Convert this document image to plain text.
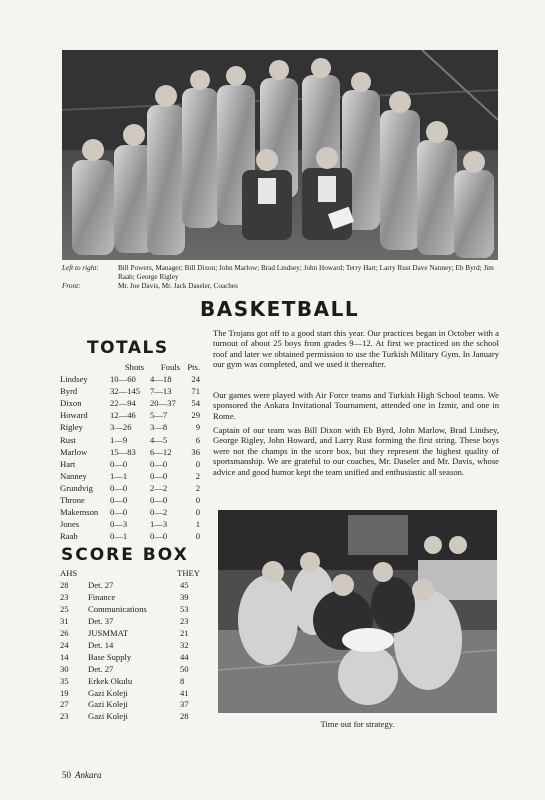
Left to right:	Bill Powers, Manager; Bill Dixon; John Marlow; Brad Lindsey; John Howard; Terry Hart; Larry Rust Dave Nanney; Eb Byrd; Jim Raab; George Rigley
Front:	Mr. Joe Davis, Mr. Jack Daseler, Coaches
BASKETBALL
TOTALS
Shots	Fouls Pts.
Lindsey	10—60	4—18	24
Byrd	32—145	7—13	71
Dixon	22—94	20—37	54
Howard	12—46	5—7	29
Rigley	3—26	3—8	9
Rust	1—9	4—5	6
Marlow	15—83	6—12	36
Hart	0—0	0—0	0
Nanney	1—1	0—0	2
Grundvig	0—0	2—2	2
Throne	0—0	0—0	0
Makemson	0—0	0—2	0
Jones	0—3	1—3	1
Raab	0—1	0—0	0
SCORE BOX
AHS	THEY
28	Det. 27	45
23	Finance	39
25	Communications	53
31	Det. 37	23
26	JUSMMAT	21
24	Det. 14	32
14	Base Supply	44
30	Det. 27	50
35	Erkek Okulu	8
19	Gazi Koleji	41
27	Gazi Koleji	37
23	Gazi Koleji	28

The Trojans got off to a good start this year. Our practices began in October with a turnout of about 25 boys from grades 9—12. At first we practiced on the school roof and later we obtained permission to use the Turkish Military Gym. In January our gym was completed, and we used it thereafter.

Our games were played with Air Force teams and Turkish High School teams. We sponsored the Ankara Invitational Tournament, attended one in Izmir, and one in Rome.

Captain of our team was Bill Dixon with Eb Byrd, John Marlow, Brad Lindsey, George Rigley, John Howard, and Larry Rust forming the first string. These boys were not the champs in the score box, but they represent the highest quality of sportsmanship. We are grateful to our coaches, Mr. Daseler and Mr. Davis, whose advice and good humor kept the team unified and enthusiastic all season.

Time out for strategy.
50 Ankara
